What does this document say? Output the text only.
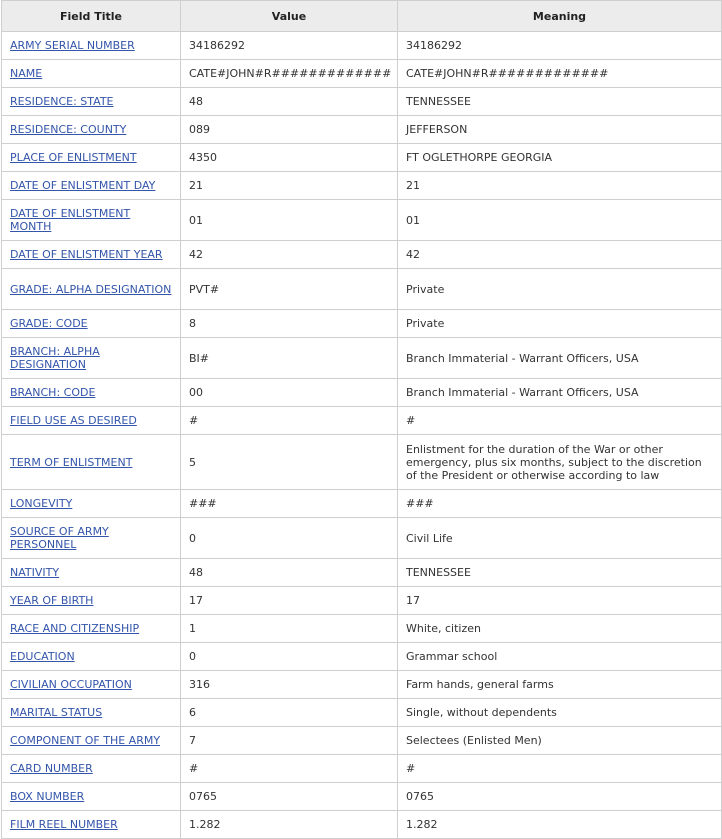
Field Title	Value	Meaning
ARMY SERIAL NUMBER	34186292	34186292
NAME	CATE#JOHN#R#############	CATE#JOHN#R#############
RESIDENCE: STATE	48	TENNESSEE
RESIDENCE: COUNTY	089	JEFFERSON
PLACE OF ENLISTMENT	4350	FT OGLETHORPE GEORGIA
DATE OF ENLISTMENT DAY	21	21
DATE OF ENLISTMENT MONTH	01	01
DATE OF ENLISTMENT YEAR	42	42
GRADE: ALPHA DESIGNATION	PVT#	Private
GRADE: CODE	8	Private
BRANCH: ALPHA DESIGNATION	BI#	Branch Immaterial - Warrant Officers, USA
BRANCH: CODE	00	Branch Immaterial - Warrant Officers, USA
FIELD USE AS DESIRED	#	#
TERM OF ENLISTMENT	5	Enlistment for the duration of the War or other emergency, plus six months, subject to the discretion of the President or otherwise according to law
LONGEVITY	###	###
SOURCE OF ARMY PERSONNEL	0	Civil Life
NATIVITY	48	TENNESSEE
YEAR OF BIRTH	17	17
RACE AND CITIZENSHIP	1	White, citizen
EDUCATION	0	Grammar school
CIVILIAN OCCUPATION	316	Farm hands, general farms
MARITAL STATUS	6	Single, without dependents
COMPONENT OF THE ARMY	7	Selectees (Enlisted Men)
CARD NUMBER	#	#
BOX NUMBER	0765	0765
FILM REEL NUMBER	1.282	1.282
